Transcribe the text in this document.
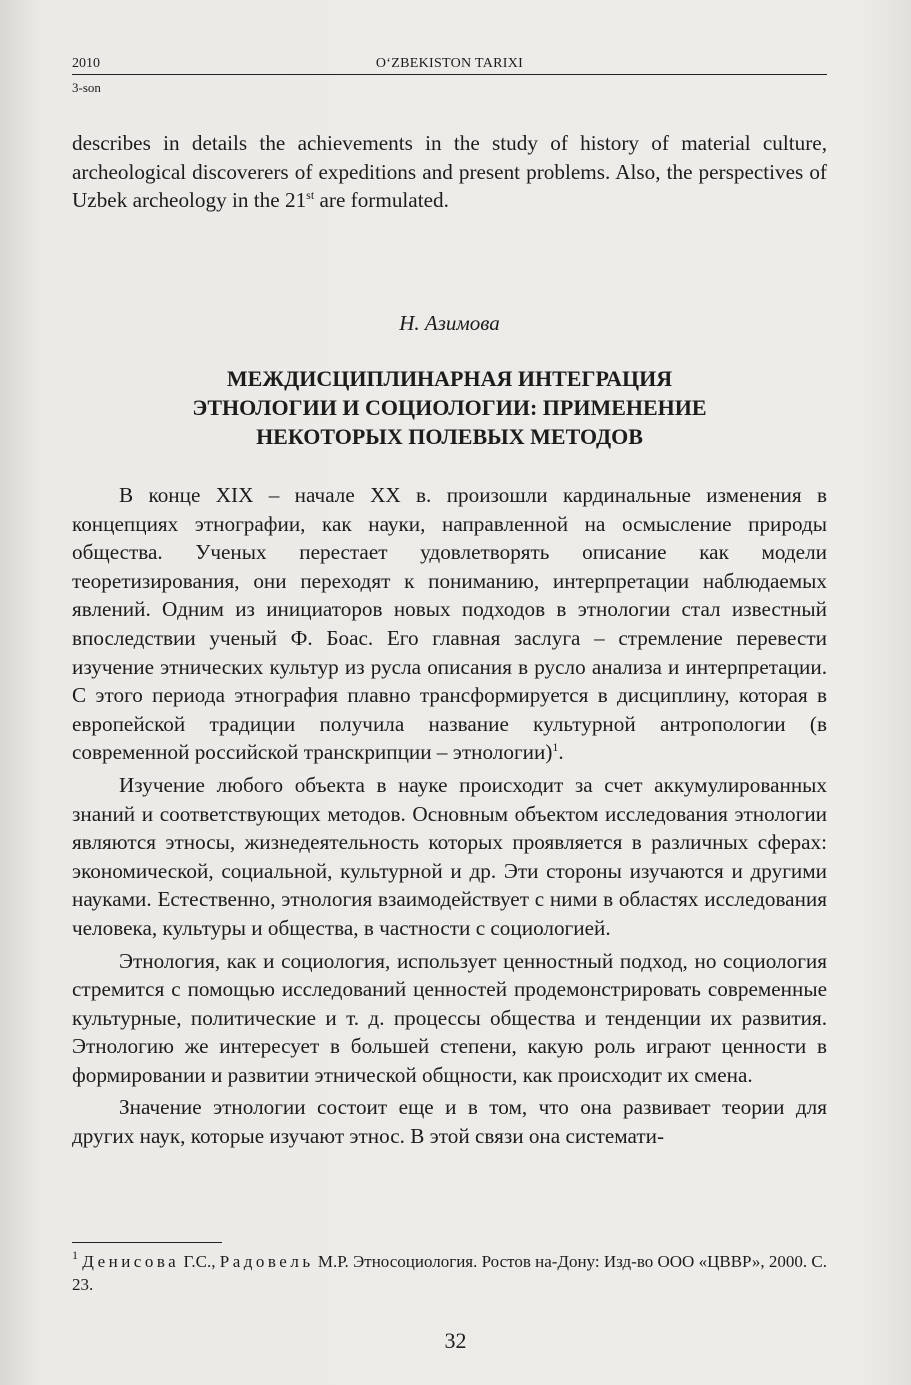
2010	O‘ZBEKISTON TARIXI
3-son
describes in details the achievements in the study of history of material culture, archeological discoverers of expeditions and present problems. Also, the perspectives of Uzbek archeology in the 21st are formulated.
Н. Азимова
МЕЖДИСЦИПЛИНАРНАЯ ИНТЕГРАЦИЯ
ЭТНОЛОГИИ И СОЦИОЛОГИИ: ПРИМЕНЕНИЕ
НЕКОТОРЫХ ПОЛЕВЫХ МЕТОДОВ

В конце XIX – начале XX в. произошли кардинальные изменения в концепциях этнографии, как науки, направленной на осмысление природы общества. Ученых перестает удовлетворять описание как модели теоретизирования, они переходят к пониманию, интерпретации наблюдаемых явлений. Одним из инициаторов новых подходов в этнологии стал известный впоследствии ученый Ф. Боас. Его главная заслуга – стремление перевести изучение этнических культур из русла описания в русло анализа и интерпретации. С этого периода этнография плавно трансформируется в дисциплину, которая в европейской традиции получила название культурной антропологии (в современной российской транскрипции – этнологии)$^1$.

Изучение любого объекта в науке происходит за счет аккумулированных знаний и соответствующих методов. Основным объектом исследования этнологии являются этносы, жизнедеятельность которых проявляется в различных сферах: экономической, социальной, культурной и др. Эти стороны изучаются и другими науками. Естественно, этнология взаимодействует с ними в областях исследования человека, культуры и общества, в частности с социологией.

Этнология, как и социология, использует ценностный подход, но социология стремится с помощью исследований ценностей продемонстрировать современные культурные, политические и т. д. процессы общества и тенденции их развития. Этнологию же интересует в большей степени, какую роль играют ценности в формировании и развитии этнической общности, как происходит их смена.

Значение этнологии состоит еще и в том, что она развивает теории для других наук, которые изучают этнос. В этой связи она системати-

$^1$ Денисова Г.С., Радовель М.Р. Этносоциология. Ростов на-Дону: Изд-во ООО «ЦВВР», 2000. С. 23.
32
